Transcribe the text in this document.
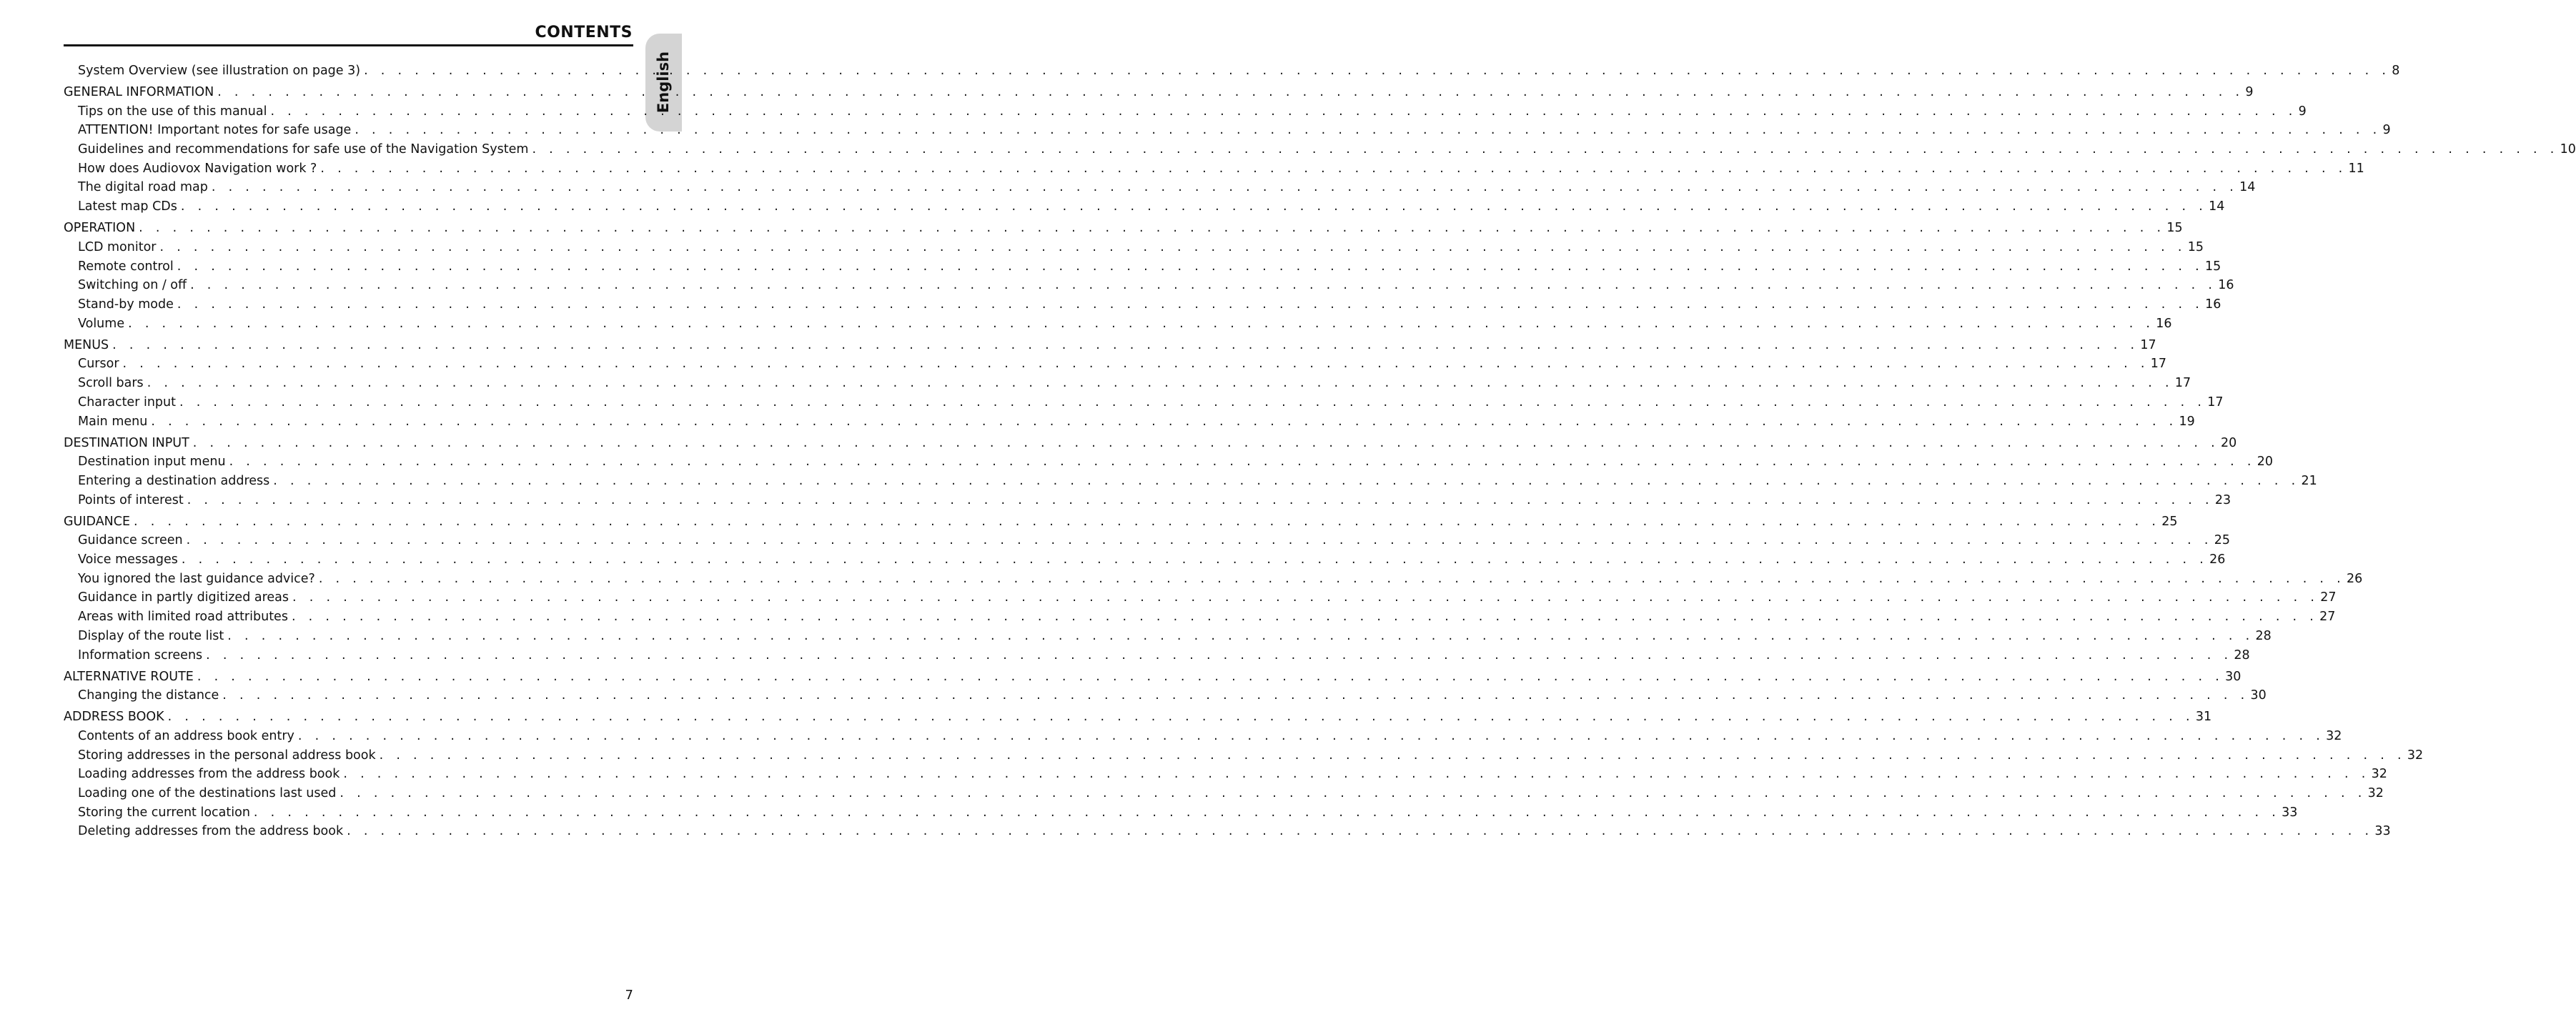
CONTENTS
English
System Overview (see illustration on page 3) . . . . . . . . . . . . . . . . . . . . . . . . . . . . . . . . . . . . . . . . . . . . . . . . . . . . . . . . . . . . . . . . . . . . . . . . . . . . . . . . . . . . . . . . . . . . . . . . . . . . . . . . . . . . . . . . . . . . . . . . 8
GENERAL INFORMATION . . . . . . . . . . . . . . . . . . . . . . . . . . . . . . . . . . . . . . . . . . . . . . . . . . . . . . . . . . . . . . . . . . . . . . . . . . . . . . . . . . . . . . . . . . . . . . . . . . . . . . . . . . . . . . . . . . . . . . . . 9
Tips on the use of this manual . . . . . . . . . . . . . . . . . . . . . . . . . . . . . . . . . . . . . . . . . . . . . . . . . . . . . . . . . . . . . . . . . . . . . . . . . . . . . . . . . . . . . . . . . . . . . . . . . . . . . . . . . . . . . . . . . . . . . . . . 9
ATTENTION! Important notes for safe usage . . . . . . . . . . . . . . . . . . . . . . . . . . . . . . . . . . . . . . . . . . . . . . . . . . . . . . . . . . . . . . . . . . . . . . . . . . . . . . . . . . . . . . . . . . . . . . . . . . . . . . . . . . . . . . . . . . . . . . . . 9
Guidelines and recommendations for safe use of the Navigation System . . . . . . . . . . . . . . . . . . . . . . . . . . . . . . . . . . . . . . . . . . . . . . . . . . . . . . . . . . . . . . . . . . . . . . . . . . . . . . . . . . . . . . . . . . . . . . . . . . . . . . . . . . . . . . . . . . . . . . . . 10
How does Audiovox Navigation work ? . . . . . . . . . . . . . . . . . . . . . . . . . . . . . . . . . . . . . . . . . . . . . . . . . . . . . . . . . . . . . . . . . . . . . . . . . . . . . . . . . . . . . . . . . . . . . . . . . . . . . . . . . . . . . . . . . . . . . . . . 11
The digital road map . . . . . . . . . . . . . . . . . . . . . . . . . . . . . . . . . . . . . . . . . . . . . . . . . . . . . . . . . . . . . . . . . . . . . . . . . . . . . . . . . . . . . . . . . . . . . . . . . . . . . . . . . . . . . . . . . . . . . . . . 14
Latest map CDs . . . . . . . . . . . . . . . . . . . . . . . . . . . . . . . . . . . . . . . . . . . . . . . . . . . . . . . . . . . . . . . . . . . . . . . . . . . . . . . . . . . . . . . . . . . . . . . . . . . . . . . . . . . . . . . . . . . . . . . . 14
OPERATION . . . . . . . . . . . . . . . . . . . . . . . . . . . . . . . . . . . . . . . . . . . . . . . . . . . . . . . . . . . . . . . . . . . . . . . . . . . . . . . . . . . . . . . . . . . . . . . . . . . . . . . . . . . . . . . . . . . . . . . . 15
LCD monitor . . . . . . . . . . . . . . . . . . . . . . . . . . . . . . . . . . . . . . . . . . . . . . . . . . . . . . . . . . . . . . . . . . . . . . . . . . . . . . . . . . . . . . . . . . . . . . . . . . . . . . . . . . . . . . . . . . . . . . . . 15
Remote control . . . . . . . . . . . . . . . . . . . . . . . . . . . . . . . . . . . . . . . . . . . . . . . . . . . . . . . . . . . . . . . . . . . . . . . . . . . . . . . . . . . . . . . . . . . . . . . . . . . . . . . . . . . . . . . . . . . . . . . . 15
Switching on / off . . . . . . . . . . . . . . . . . . . . . . . . . . . . . . . . . . . . . . . . . . . . . . . . . . . . . . . . . . . . . . . . . . . . . . . . . . . . . . . . . . . . . . . . . . . . . . . . . . . . . . . . . . . . . . . . . . . . . . . . 16
Stand-by mode . . . . . . . . . . . . . . . . . . . . . . . . . . . . . . . . . . . . . . . . . . . . . . . . . . . . . . . . . . . . . . . . . . . . . . . . . . . . . . . . . . . . . . . . . . . . . . . . . . . . . . . . . . . . . . . . . . . . . . . . 16
Volume . . . . . . . . . . . . . . . . . . . . . . . . . . . . . . . . . . . . . . . . . . . . . . . . . . . . . . . . . . . . . . . . . . . . . . . . . . . . . . . . . . . . . . . . . . . . . . . . . . . . . . . . . . . . . . . . . . . . . . . . 16
MENUS . . . . . . . . . . . . . . . . . . . . . . . . . . . . . . . . . . . . . . . . . . . . . . . . . . . . . . . . . . . . . . . . . . . . . . . . . . . . . . . . . . . . . . . . . . . . . . . . . . . . . . . . . . . . . . . . . . . . . . . . 17
Cursor . . . . . . . . . . . . . . . . . . . . . . . . . . . . . . . . . . . . . . . . . . . . . . . . . . . . . . . . . . . . . . . . . . . . . . . . . . . . . . . . . . . . . . . . . . . . . . . . . . . . . . . . . . . . . . . . . . . . . . . . 17
Scroll bars . . . . . . . . . . . . . . . . . . . . . . . . . . . . . . . . . . . . . . . . . . . . . . . . . . . . . . . . . . . . . . . . . . . . . . . . . . . . . . . . . . . . . . . . . . . . . . . . . . . . . . . . . . . . . . . . . . . . . . . . 17
Character input . . . . . . . . . . . . . . . . . . . . . . . . . . . . . . . . . . . . . . . . . . . . . . . . . . . . . . . . . . . . . . . . . . . . . . . . . . . . . . . . . . . . . . . . . . . . . . . . . . . . . . . . . . . . . . . . . . . . . . . . 17
Main menu . . . . . . . . . . . . . . . . . . . . . . . . . . . . . . . . . . . . . . . . . . . . . . . . . . . . . . . . . . . . . . . . . . . . . . . . . . . . . . . . . . . . . . . . . . . . . . . . . . . . . . . . . . . . . . . . . . . . . . . . 19
DESTINATION INPUT . . . . . . . . . . . . . . . . . . . . . . . . . . . . . . . . . . . . . . . . . . . . . . . . . . . . . . . . . . . . . . . . . . . . . . . . . . . . . . . . . . . . . . . . . . . . . . . . . . . . . . . . . . . . . . . . . . . . . . . . 20
Destination input menu . . . . . . . . . . . . . . . . . . . . . . . . . . . . . . . . . . . . . . . . . . . . . . . . . . . . . . . . . . . . . . . . . . . . . . . . . . . . . . . . . . . . . . . . . . . . . . . . . . . . . . . . . . . . . . . . . . . . . . . . 20
Entering a destination address . . . . . . . . . . . . . . . . . . . . . . . . . . . . . . . . . . . . . . . . . . . . . . . . . . . . . . . . . . . . . . . . . . . . . . . . . . . . . . . . . . . . . . . . . . . . . . . . . . . . . . . . . . . . . . . . . . . . . . . . 21
Points of interest . . . . . . . . . . . . . . . . . . . . . . . . . . . . . . . . . . . . . . . . . . . . . . . . . . . . . . . . . . . . . . . . . . . . . . . . . . . . . . . . . . . . . . . . . . . . . . . . . . . . . . . . . . . . . . . . . . . . . . . . 23
GUIDANCE . . . . . . . . . . . . . . . . . . . . . . . . . . . . . . . . . . . . . . . . . . . . . . . . . . . . . . . . . . . . . . . . . . . . . . . . . . . . . . . . . . . . . . . . . . . . . . . . . . . . . . . . . . . . . . . . . . . . . . . . 25
Guidance screen . . . . . . . . . . . . . . . . . . . . . . . . . . . . . . . . . . . . . . . . . . . . . . . . . . . . . . . . . . . . . . . . . . . . . . . . . . . . . . . . . . . . . . . . . . . . . . . . . . . . . . . . . . . . . . . . . . . . . . . . 25
Voice messages . . . . . . . . . . . . . . . . . . . . . . . . . . . . . . . . . . . . . . . . . . . . . . . . . . . . . . . . . . . . . . . . . . . . . . . . . . . . . . . . . . . . . . . . . . . . . . . . . . . . . . . . . . . . . . . . . . . . . . . . 26
You ignored the last guidance advice? . . . . . . . . . . . . . . . . . . . . . . . . . . . . . . . . . . . . . . . . . . . . . . . . . . . . . . . . . . . . . . . . . . . . . . . . . . . . . . . . . . . . . . . . . . . . . . . . . . . . . . . . . . . . . . . . . . . . . . . . 26
Guidance in partly digitized areas . . . . . . . . . . . . . . . . . . . . . . . . . . . . . . . . . . . . . . . . . . . . . . . . . . . . . . . . . . . . . . . . . . . . . . . . . . . . . . . . . . . . . . . . . . . . . . . . . . . . . . . . . . . . . . . . . . . . . . . . 27
Areas with limited road attributes . . . . . . . . . . . . . . . . . . . . . . . . . . . . . . . . . . . . . . . . . . . . . . . . . . . . . . . . . . . . . . . . . . . . . . . . . . . . . . . . . . . . . . . . . . . . . . . . . . . . . . . . . . . . . . . . . . . . . . . . 27
Display of the route list . . . . . . . . . . . . . . . . . . . . . . . . . . . . . . . . . . . . . . . . . . . . . . . . . . . . . . . . . . . . . . . . . . . . . . . . . . . . . . . . . . . . . . . . . . . . . . . . . . . . . . . . . . . . . . . . . . . . . . . . 28
Information screens . . . . . . . . . . . . . . . . . . . . . . . . . . . . . . . . . . . . . . . . . . . . . . . . . . . . . . . . . . . . . . . . . . . . . . . . . . . . . . . . . . . . . . . . . . . . . . . . . . . . . . . . . . . . . . . . . . . . . . . . 28
ALTERNATIVE ROUTE . . . . . . . . . . . . . . . . . . . . . . . . . . . . . . . . . . . . . . . . . . . . . . . . . . . . . . . . . . . . . . . . . . . . . . . . . . . . . . . . . . . . . . . . . . . . . . . . . . . . . . . . . . . . . . . . . . . . . . . . 30
Changing the distance . . . . . . . . . . . . . . . . . . . . . . . . . . . . . . . . . . . . . . . . . . . . . . . . . . . . . . . . . . . . . . . . . . . . . . . . . . . . . . . . . . . . . . . . . . . . . . . . . . . . . . . . . . . . . . . . . . . . . . . . 30
ADDRESS BOOK . . . . . . . . . . . . . . . . . . . . . . . . . . . . . . . . . . . . . . . . . . . . . . . . . . . . . . . . . . . . . . . . . . . . . . . . . . . . . . . . . . . . . . . . . . . . . . . . . . . . . . . . . . . . . . . . . . . . . . . . 31
Contents of an address book entry . . . . . . . . . . . . . . . . . . . . . . . . . . . . . . . . . . . . . . . . . . . . . . . . . . . . . . . . . . . . . . . . . . . . . . . . . . . . . . . . . . . . . . . . . . . . . . . . . . . . . . . . . . . . . . . . . . . . . . . . 32
Storing addresses in the personal address book . . . . . . . . . . . . . . . . . . . . . . . . . . . . . . . . . . . . . . . . . . . . . . . . . . . . . . . . . . . . . . . . . . . . . . . . . . . . . . . . . . . . . . . . . . . . . . . . . . . . . . . . . . . . . . . . . . . . . . . . 32
Loading addresses from the address book . . . . . . . . . . . . . . . . . . . . . . . . . . . . . . . . . . . . . . . . . . . . . . . . . . . . . . . . . . . . . . . . . . . . . . . . . . . . . . . . . . . . . . . . . . . . . . . . . . . . . . . . . . . . . . . . . . . . . . . . 32
Loading one of the destinations last used . . . . . . . . . . . . . . . . . . . . . . . . . . . . . . . . . . . . . . . . . . . . . . . . . . . . . . . . . . . . . . . . . . . . . . . . . . . . . . . . . . . . . . . . . . . . . . . . . . . . . . . . . . . . . . . . . . . . . . . . 32
Storing the current location . . . . . . . . . . . . . . . . . . . . . . . . . . . . . . . . . . . . . . . . . . . . . . . . . . . . . . . . . . . . . . . . . . . . . . . . . . . . . . . . . . . . . . . . . . . . . . . . . . . . . . . . . . . . . . . . . . . . . . . . 33
Deleting addresses from the address book . . . . . . . . . . . . . . . . . . . . . . . . . . . . . . . . . . . . . . . . . . . . . . . . . . . . . . . . . . . . . . . . . . . . . . . . . . . . . . . . . . . . . . . . . . . . . . . . . . . . . . . . . . . . . . . . . . . . . . . . 33
7
